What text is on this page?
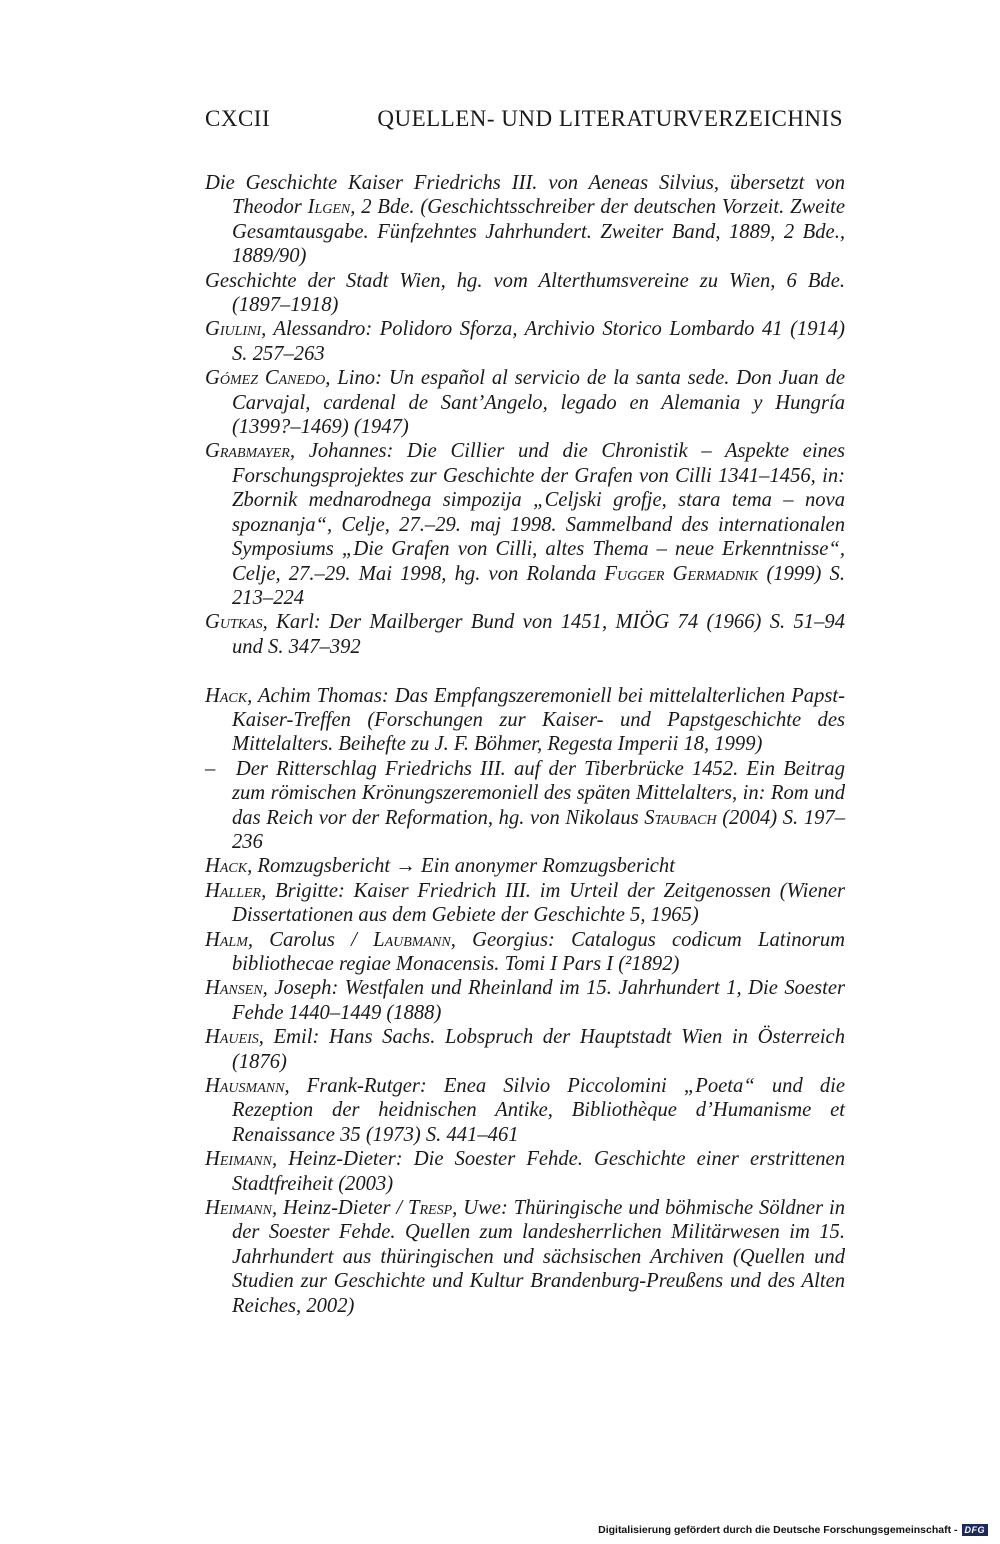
CXCII	QUELLEN- UND LITERATURVERZEICHNIS
Die Geschichte Kaiser Friedrichs III. von Aeneas Silvius, übersetzt von Theodor Ilgen, 2 Bde. (Geschichtsschreiber der deutschen Vorzeit. Zweite Gesamtausgabe. Fünfzehntes Jahrhundert. Zweiter Band, 1889, 2 Bde., 1889/90)
Geschichte der Stadt Wien, hg. vom Alterthumsvereine zu Wien, 6 Bde. (1897–1918)
Giulini, Alessandro: Polidoro Sforza, Archivio Storico Lombardo 41 (1914) S. 257–263
Gómez Canedo, Lino: Un español al servicio de la santa sede. Don Juan de Carvajal, cardenal de Sant’Angelo, legado en Alemania y Hungría (1399?–1469) (1947)
Grabmayer, Johannes: Die Cillier und die Chronistik – Aspekte eines Forschungsprojektes zur Geschichte der Grafen von Cilli 1341–1456, in: Zbornik mednarodnega simpozija „Celjski grofje, stara tema – nova spoznanja“, Celje, 27.–29. maj 1998. Sammelband des internationalen Symposiums „Die Grafen von Cilli, altes Thema – neue Erkenntnisse“, Celje, 27.–29. Mai 1998, hg. von Rolanda Fugger Germadnik (1999) S. 213–224
Gutkas, Karl: Der Mailberger Bund von 1451, MIÖG 74 (1966) S. 51–94 und S. 347–392
Hack, Achim Thomas: Das Empfangszeremoniell bei mittelalterlichen Papst-Kaiser-Treffen (Forschungen zur Kaiser- und Papstgeschichte des Mittelalters. Beihefte zu J. F. Böhmer, Regesta Imperii 18, 1999)
– Der Ritterschlag Friedrichs III. auf der Tiberbrücke 1452. Ein Beitrag zum römischen Krönungszeremoniell des späten Mittelalters, in: Rom und das Reich vor der Reformation, hg. von Nikolaus Staubach (2004) S. 197–236
Hack, Romzugsbericht → Ein anonymer Romzugsbericht
Haller, Brigitte: Kaiser Friedrich III. im Urteil der Zeitgenossen (Wiener Dissertationen aus dem Gebiete der Geschichte 5, 1965)
Halm, Carolus / Laubmann, Georgius: Catalogus codicum Latinorum bibliothecae regiae Monacensis. Tomi I Pars I (²1892)
Hansen, Joseph: Westfalen und Rheinland im 15. Jahrhundert 1, Die Soester Fehde 1440–1449 (1888)
Haueis, Emil: Hans Sachs. Lobspruch der Hauptstadt Wien in Österreich (1876)
Hausmann, Frank-Rutger: Enea Silvio Piccolomini „Poeta“ und die Rezeption der heidnischen Antike, Bibliothèque d’Humanisme et Renaissance 35 (1973) S. 441–461
Heimann, Heinz-Dieter: Die Soester Fehde. Geschichte einer erstrittenen Stadtfreiheit (2003)
Heimann, Heinz-Dieter / Tresp, Uwe: Thüringische und böhmische Söldner in der Soester Fehde. Quellen zum landesherrlichen Militärwesen im 15. Jahrhundert aus thüringischen und sächsischen Archiven (Quellen und Studien zur Geschichte und Kultur Brandenburg-Preußens und des Alten Reiches, 2002)
Digitalisierung gefördert durch die Deutsche Forschungsgemeinschaft - DFG
